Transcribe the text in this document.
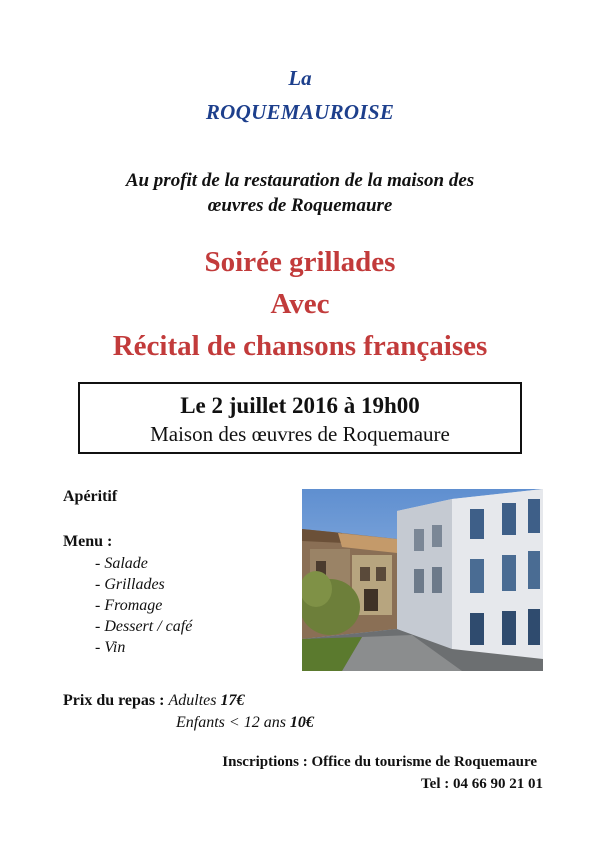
La
ROQUEMAUROISE
Au profit de la restauration de la maison des
œuvres de Roquemaure
Soirée grillades
Avec
Récital de chansons françaises
Le 2 juillet 2016 à 19h00
Maison des œuvres de Roquemaure
Apéritif
Menu :
- Salade
- Grillades
- Fromage
- Dessert / café
- Vin
Prix du repas : Adultes 17€
Enfants < 12 ans 10€
Inscriptions : Office du tourisme de Roquemaure
Tel : 04 66 90 21 01
